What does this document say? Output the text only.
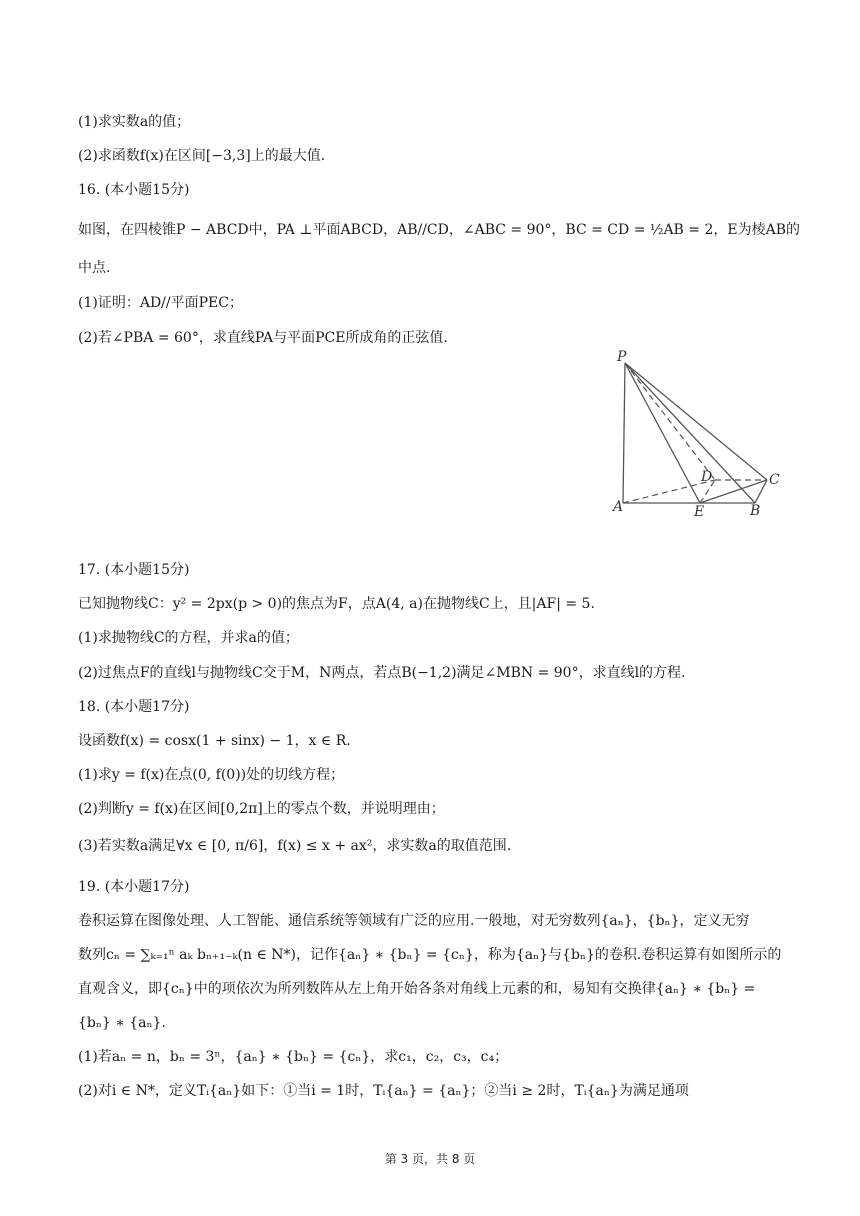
(1)求实数a的值；
(2)求函数f(x)在区间[−3,3]上的最大值.
16. (本小题15分)
如图，在四棱锥P − ABCD中，PA ⊥平面ABCD，AB//CD，∠ABC = 90°，BC = CD = ½AB = 2，E为棱AB的
中点.
(1)证明：AD//平面PEC；
(2)若∠PBA = 60°，求直线PA与平面PCE所成角的正弦值.
P
A	E	B
C
D
17. (本小题15分)
已知抛物线C：y² = 2px(p > 0)的焦点为F，点A(4, a)在抛物线C上，且|AF| = 5.
(1)求抛物线C的方程，并求a的值；
(2)过焦点F的直线l与抛物线C交于M，N两点，若点B(−1,2)满足∠MBN = 90°，求直线l的方程.
18. (本小题17分)
设函数f(x) = cosx(1 + sinx) − 1，x ∈ R.
(1)求y = f(x)在点(0, f(0))处的切线方程；
(2)判断y = f(x)在区间[0,2π]上的零点个数，并说明理由；
(3)若实数a满足∀x ∈ [0, π/6]，f(x) ≤ x + ax²，求实数a的取值范围.
19. (本小题17分)
卷积运算在图像处理、人工智能、通信系统等领域有广泛的应用.一般地，对无穷数列{aₙ}，{bₙ}，定义无穷
数列cₙ = ∑ₖ₌₁ⁿ aₖ bₙ₊₁₋ₖ(n ∈ N*)，记作{aₙ} ∗ {bₙ} = {cₙ}，称为{aₙ}与{bₙ}的卷积.卷积运算有如图所示的
直观含义，即{cₙ}中的项依次为所列数阵从左上角开始各条对角线上元素的和，易知有交换律{aₙ} ∗ {bₙ} =
{bₙ} ∗ {aₙ}.
(1)若aₙ = n，bₙ = 3ⁿ，{aₙ} ∗ {bₙ} = {cₙ}，求c₁，c₂，c₃，c₄；
(2)对i ∈ N*，定义Tᵢ{aₙ}如下：①当i = 1时，Tᵢ{aₙ} = {aₙ}；②当i ≥ 2时，Tᵢ{aₙ}为满足通项
第 3 页，共 8 页
